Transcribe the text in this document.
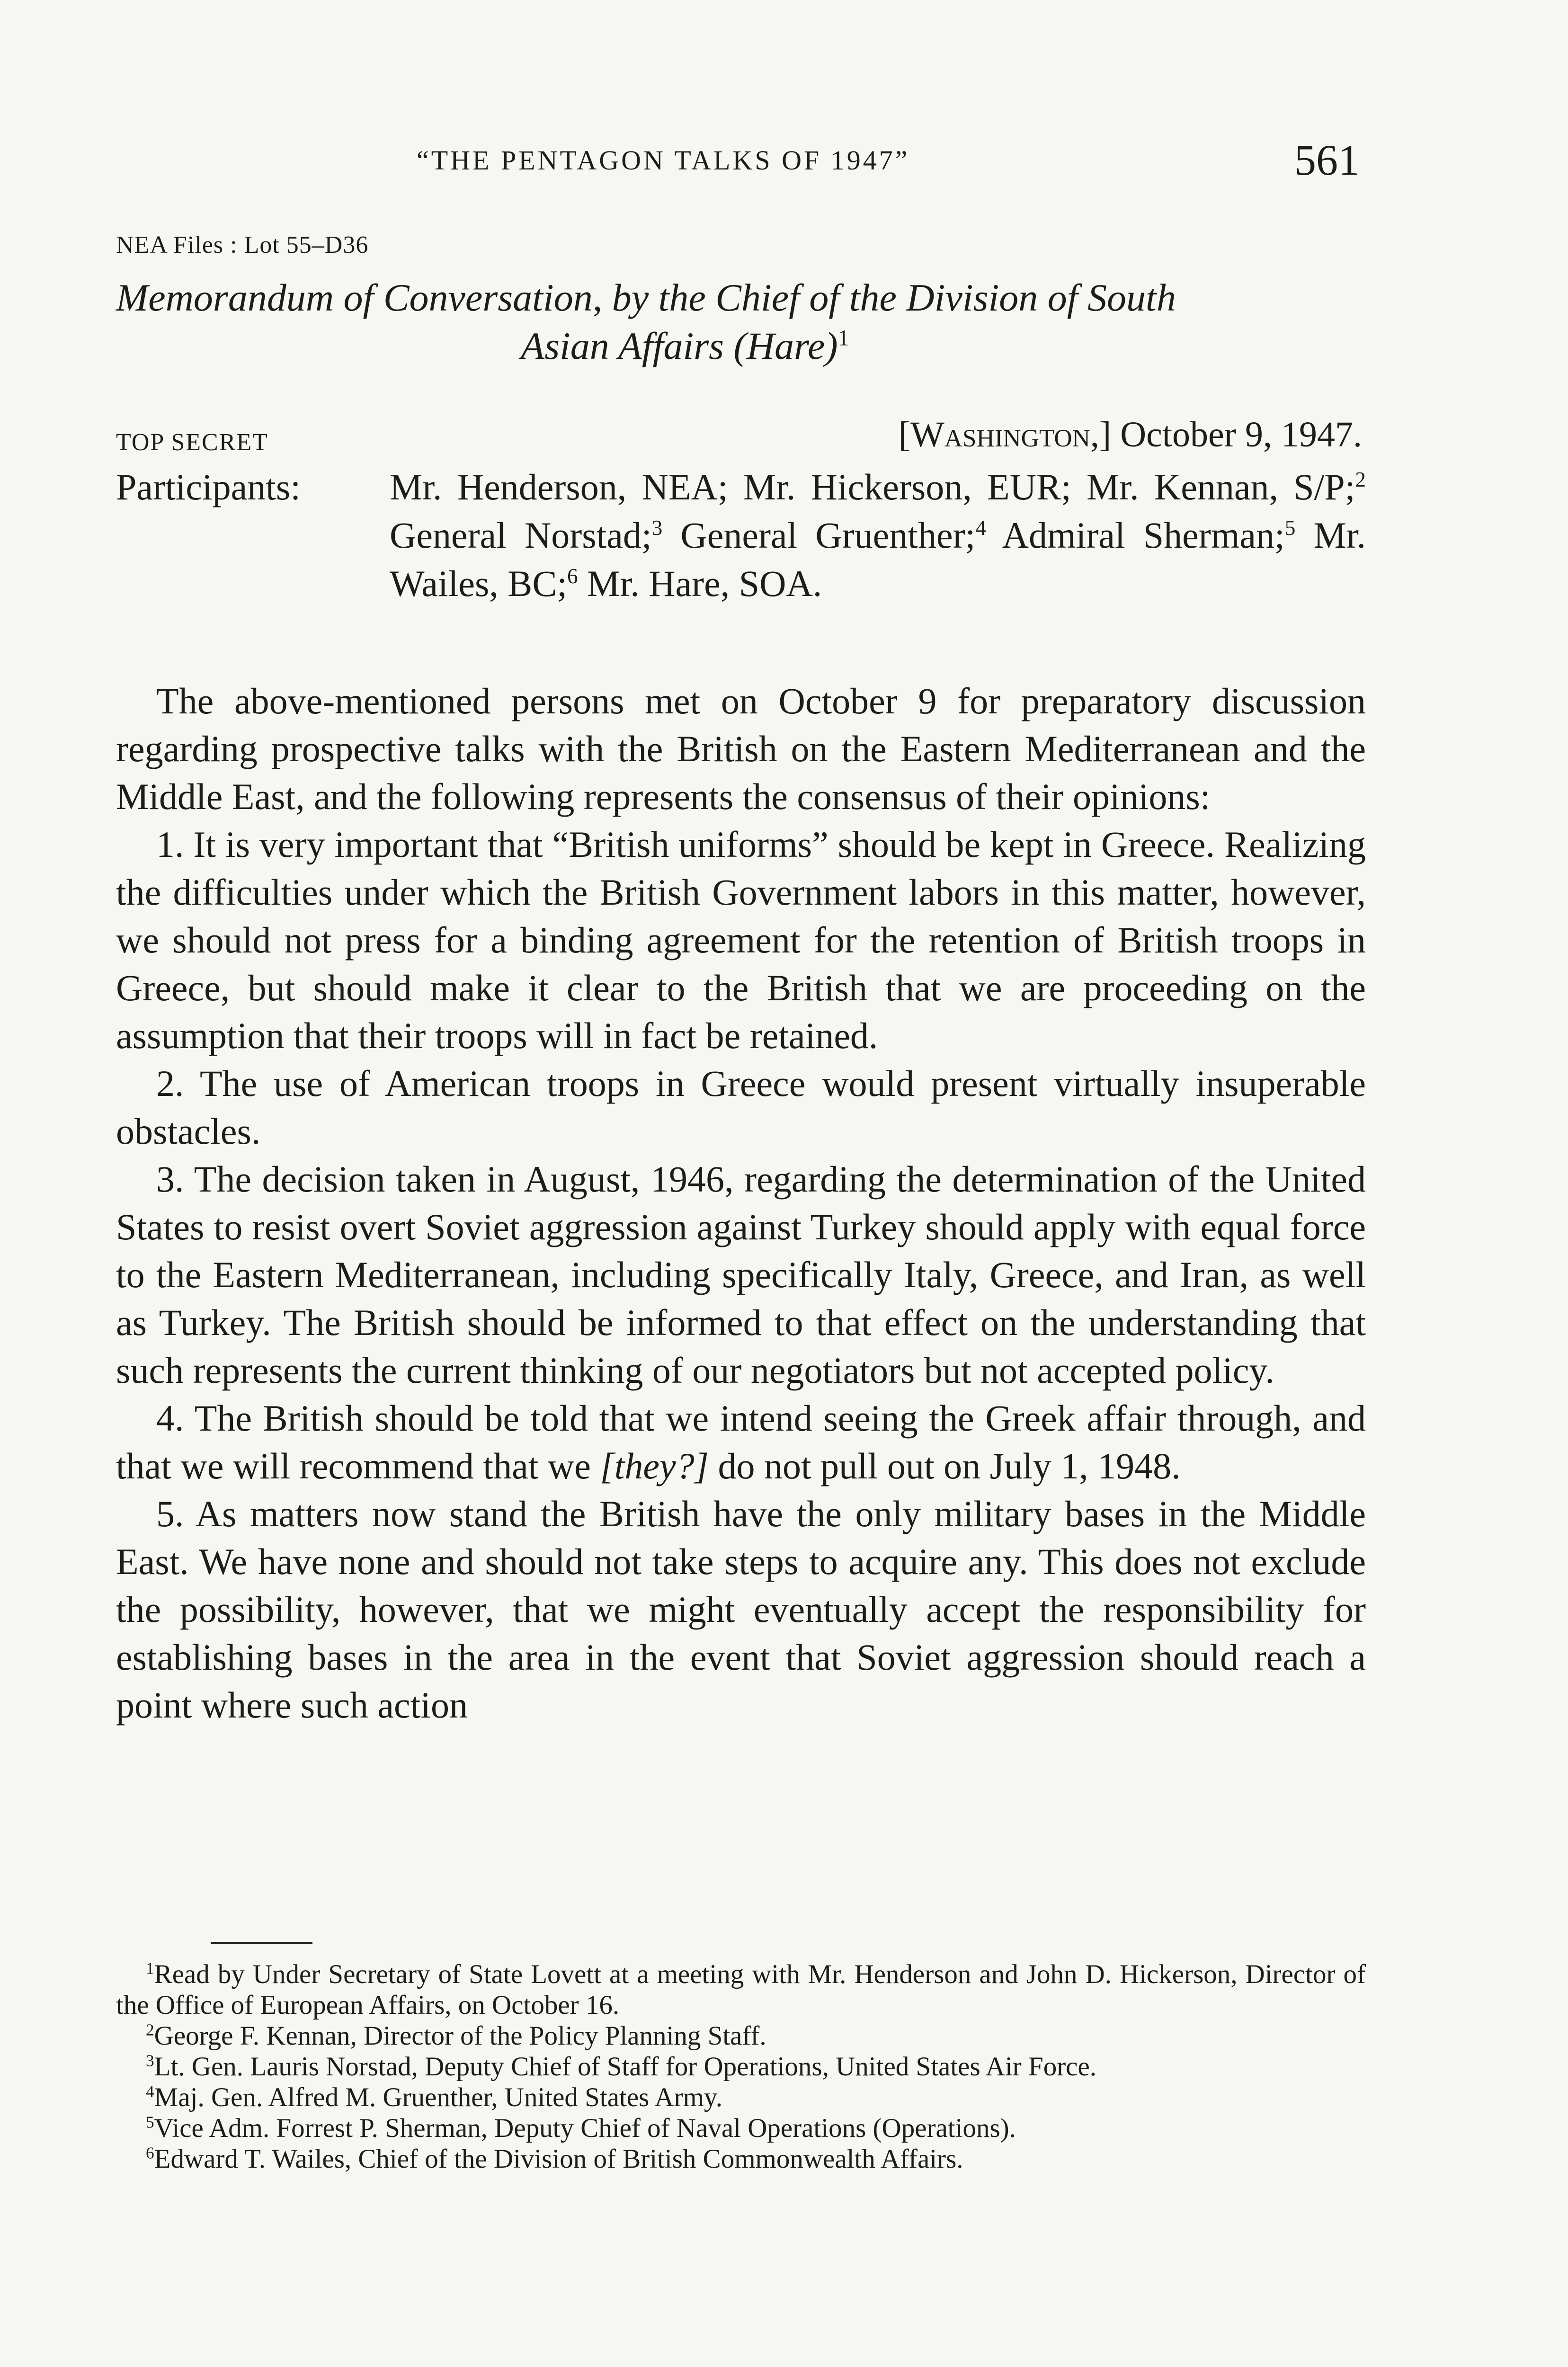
“THE PENTAGON TALKS OF 1947”	561
NEA Files : Lot 55–D36
Memorandum of Conversation, by the Chief of the Division of South
Asian Affairs (Hare)$^1$
TOP SECRET	[Washington,] October 9, 1947.
Participants: Mr. Henderson, NEA; Mr. Hickerson, EUR; Mr. Kennan, S/P;$^2$ General Norstad;$^3$ General Gruenther;$^4$ Admiral Sherman;$^5$ Mr. Wailes, BC;$^6$ Mr. Hare, SOA.

The above-mentioned persons met on October 9 for preparatory discussion regarding prospective talks with the British on the Eastern Mediterranean and the Middle East, and the following represents the consensus of their opinions:

1. It is very important that “British uniforms” should be kept in Greece. Realizing the difficulties under which the British Government labors in this matter, however, we should not press for a binding agreement for the retention of British troops in Greece, but should make it clear to the British that we are proceeding on the assumption that their troops will in fact be retained.

2. The use of American troops in Greece would present virtually insuperable obstacles.

3. The decision taken in August, 1946, regarding the determination of the United States to resist overt Soviet aggression against Turkey should apply with equal force to the Eastern Mediterranean, including specifically Italy, Greece, and Iran, as well as Turkey. The British should be informed to that effect on the understanding that such represents the current thinking of our negotiators but not accepted policy.

4. The British should be told that we intend seeing the Greek affair through, and that we will recommend that we [they?] do not pull out on July 1, 1948.

5. As matters now stand the British have the only military bases in the Middle East. We have none and should not take steps to acquire any. This does not exclude the possibility, however, that we might eventually accept the responsibility for establishing bases in the area in the event that Soviet aggression should reach a point where such action

$^1$Read by Under Secretary of State Lovett at a meeting with Mr. Henderson and John D. Hickerson, Director of the Office of European Affairs, on October 16.

$^2$George F. Kennan, Director of the Policy Planning Staff.

$^3$Lt. Gen. Lauris Norstad, Deputy Chief of Staff for Operations, United States Air Force.

$^4$Maj. Gen. Alfred M. Gruenther, United States Army.

$^5$Vice Adm. Forrest P. Sherman, Deputy Chief of Naval Operations (Operations).

$^6$Edward T. Wailes, Chief of the Division of British Commonwealth Affairs.
